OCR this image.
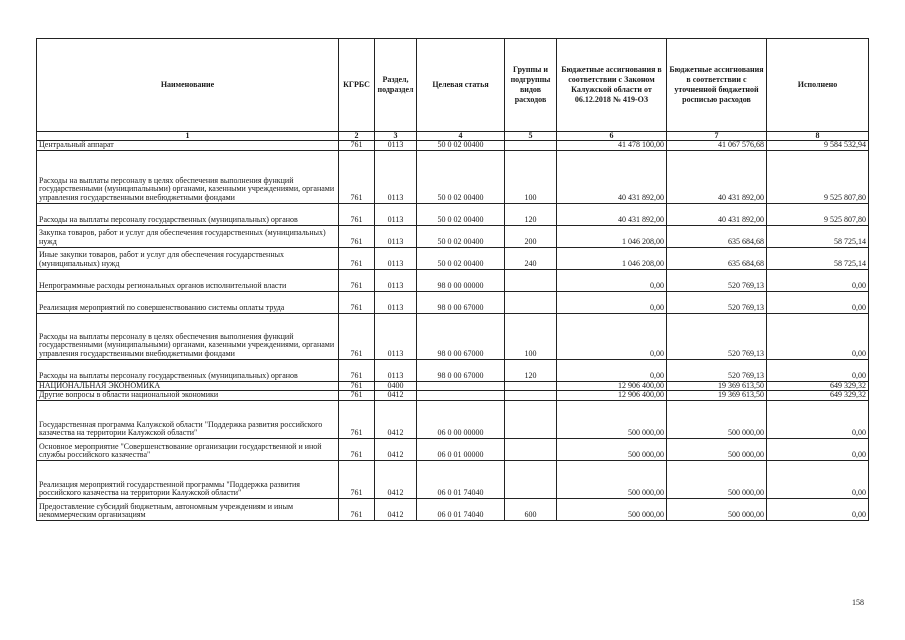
Наименование	КГРБС	Раздел, подраздел	Целевая статья	Группы и подгруппы видов расходов	Бюджетные ассигнования в соответствии с Законом Калужской области от 06.12.2018 № 419-ОЗ	Бюджетные ассигнования в соответствии с уточненной бюджетной росписью расходов	Исполнено
1	2	3	4	5	6	7	8
Центральный аппарат	761	0113	50 0 02 00400		41 478 100,00	41 067 576,68	9 584 532,94
Расходы на выплаты персоналу в целях обеспечения выполнения функций государственными (муниципальными) органами, казенными учреждениями, органами управления государственными внебюджетными фондами	761	0113	50 0 02 00400	100	40 431 892,00	40 431 892,00	9 525 807,80
Расходы на выплаты персоналу государственных (муниципальных) органов	761	0113	50 0 02 00400	120	40 431 892,00	40 431 892,00	9 525 807,80
Закупка товаров, работ и услуг для обеспечения государственных (муниципальных) нужд	761	0113	50 0 02 00400	200	1 046 208,00	635 684,68	58 725,14
Иные закупки товаров, работ и услуг для обеспечения государственных (муниципальных) нужд	761	0113	50 0 02 00400	240	1 046 208,00	635 684,68	58 725,14
Непрограммные расходы региональных органов исполнительной власти	761	0113	98 0 00 00000		0,00	520 769,13	0,00
Реализация мероприятий по совершенствованию системы оплаты труда	761	0113	98 0 00 67000		0,00	520 769,13	0,00
Расходы на выплаты персоналу в целях обеспечения выполнения функций государственными (муниципальными) органами, казенными учреждениями, органами управления государственными внебюджетными фондами	761	0113	98 0 00 67000	100	0,00	520 769,13	0,00
Расходы на выплаты персоналу государственных (муниципальных) органов	761	0113	98 0 00 67000	120	0,00	520 769,13	0,00
НАЦИОНАЛЬНАЯ ЭКОНОМИКА	761	0400			12 906 400,00	19 369 613,50	649 329,32
Другие вопросы в области национальной экономики	761	0412			12 906 400,00	19 369 613,50	649 329,32
Государственная программа Калужской области "Поддержка развития российского казачества на территории Калужской области"	761	0412	06 0 00 00000		500 000,00	500 000,00	0,00
Основное мероприятие "Совершенствование организации государственной и иной службы российского казачества"	761	0412	06 0 01 00000		500 000,00	500 000,00	0,00
Реализация мероприятий государственной программы "Поддержка развития российского казачества на территории Калужской области"	761	0412	06 0 01 74040		500 000,00	500 000,00	0,00
Предоставление субсидий бюджетным, автономным учреждениям и иным некоммерческим организациям	761	0412	06 0 01 74040	600	500 000,00	500 000,00	0,00
158
